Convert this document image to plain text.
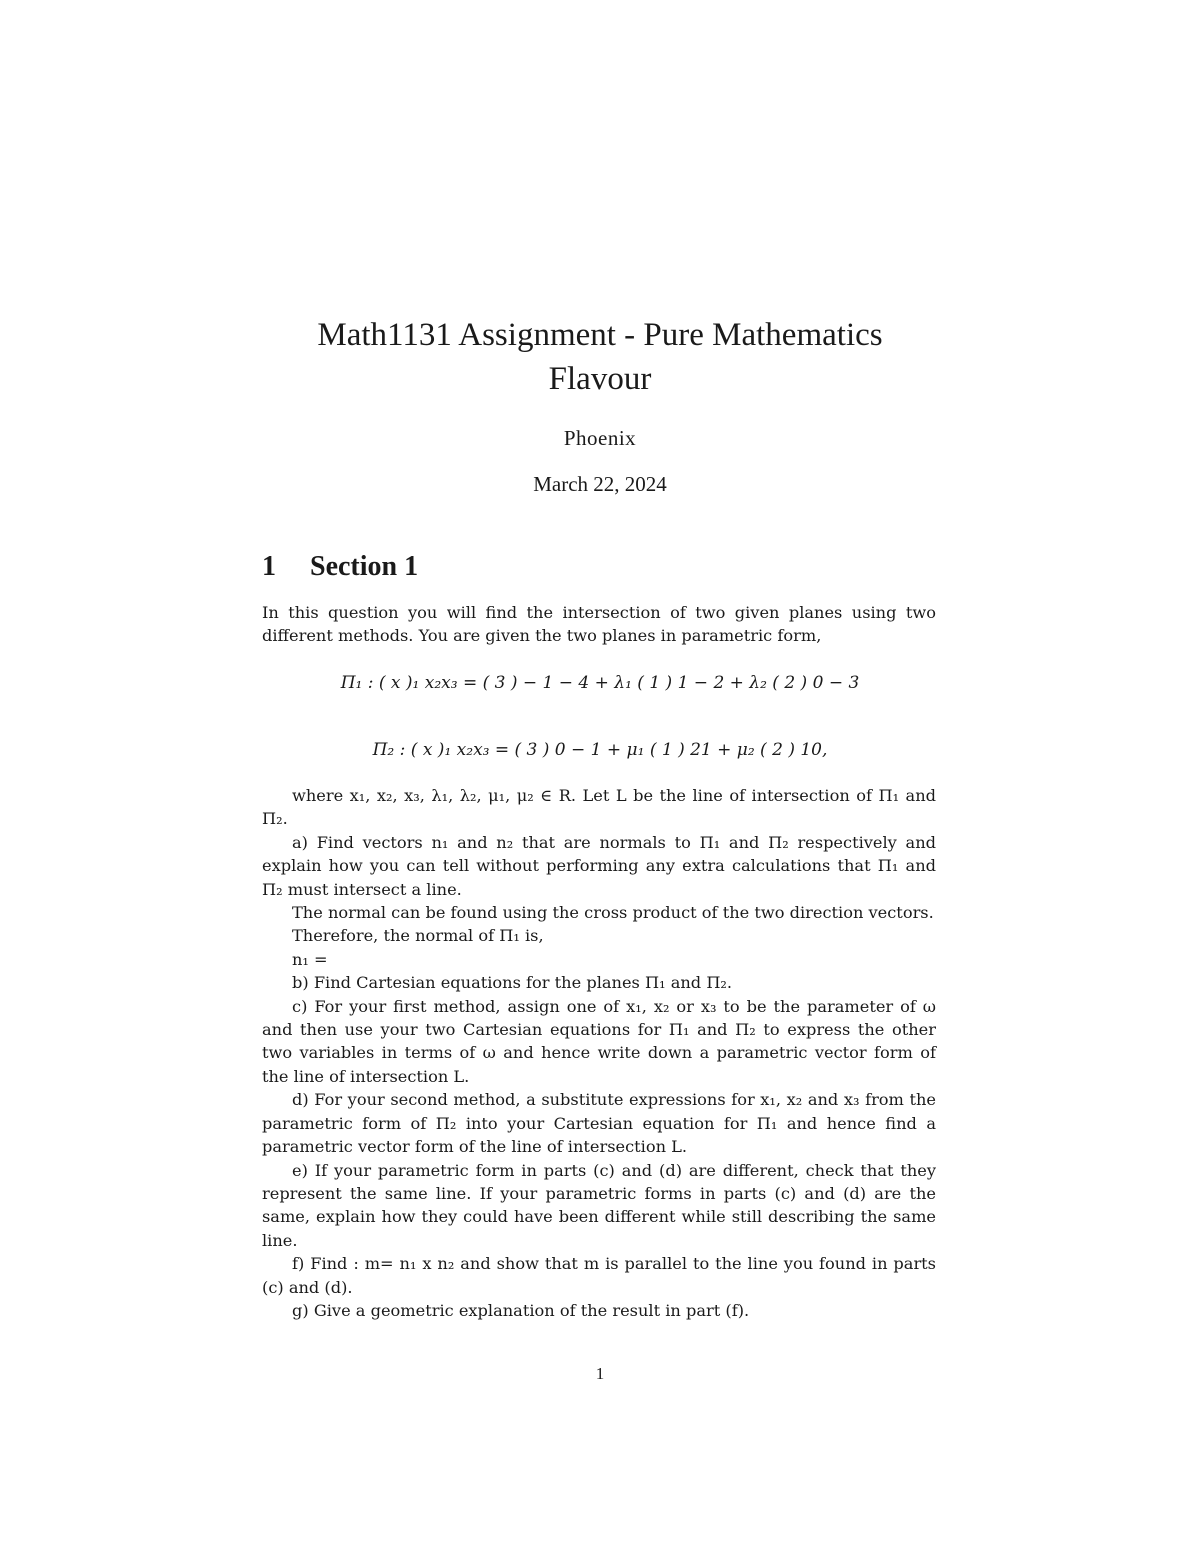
Math1131 Assignment - Pure Mathematics
Flavour
Phoenix
March 22, 2024
1 Section 1
In this question you will find the intersection of two given planes using two different methods. You are given the two planes in parametric form,
Π₁ : ( x )₁ x₂x₃ = ( 3 ) − 1 − 4 + λ₁ ( 1 ) 1 − 2 + λ₂ ( 2 ) 0 − 3
Π₂ : ( x )₁ x₂x₃ = ( 3 ) 0 − 1 + μ₁ ( 1 ) 21 + μ₂ ( 2 ) 10,

where x₁, x₂, x₃, λ₁, λ₂, μ₁, μ₂ ∈ R. Let L be the line of intersection of Π₁ and Π₂.

a) Find vectors n₁ and n₂ that are normals to Π₁ and Π₂ respectively and explain how you can tell without performing any extra calculations that Π₁ and Π₂ must intersect a line.

The normal can be found using the cross product of the two direction vectors.

Therefore, the normal of Π₁ is,

n₁ =

b) Find Cartesian equations for the planes Π₁ and Π₂.

c) For your first method, assign one of x₁, x₂ or x₃ to be the parameter of ω and then use your two Cartesian equations for Π₁ and Π₂ to express the other two variables in terms of ω and hence write down a parametric vector form of the line of intersection L.

d) For your second method, a substitute expressions for x₁, x₂ and x₃ from the parametric form of Π₂ into your Cartesian equation for Π₁ and hence find a parametric vector form of the line of intersection L.

e) If your parametric form in parts (c) and (d) are different, check that they represent the same line. If your parametric forms in parts (c) and (d) are the same, explain how they could have been different while still describing the same line.

f) Find : m= n₁ x n₂ and show that m is parallel to the line you found in parts (c) and (d).

g) Give a geometric explanation of the result in part (f).

1
